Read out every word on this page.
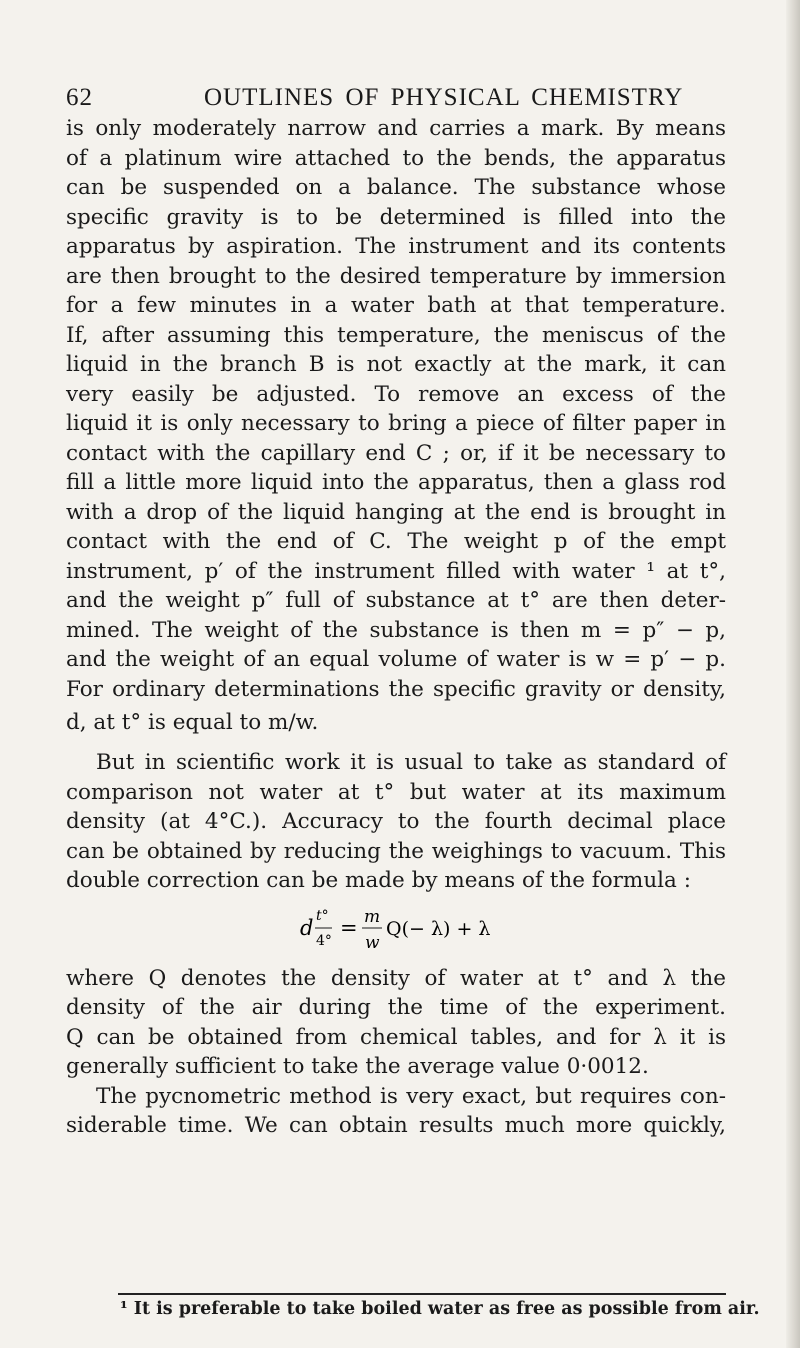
62	OUTLINES OF PHYSICAL CHEMISTRY
is only moderately narrow and carries a mark. By means
of a platinum wire attached to the bends, the apparatus
can be suspended on a balance. The substance whose
specific gravity is to be determined is filled into the
apparatus by aspiration. The instrument and its contents
are then brought to the desired temperature by immersion
for a few minutes in a water bath at that temperature.
If, after assuming this temperature, the meniscus of the
liquid in the branch B is not exactly at the mark, it can
very easily be adjusted. To remove an excess of the
liquid it is only necessary to bring a piece of filter paper in
contact with the capillary end C ; or, if it be necessary to
fill a little more liquid into the apparatus, then a glass rod
with a drop of the liquid hanging at the end is brought in
contact with the end of C. The weight p of the empt
instrument, p′ of the instrument filled with water ¹ at t°,
and the weight p″ full of substance at t° are then deter-
mined. The weight of the substance is then m = p″ − p,
and the weight of an equal volume of water is w = p′ − p.
For ordinary determinations the specific gravity or density,
d, at t° is equal to m/w.
But in scientific work it is usual to take as standard of
comparison not water at t° but water at its maximum
density (at 4°C.). Accuracy to the fourth decimal place
can be obtained by reducing the weighings to vacuum. This
double correction can be made by means of the formula :
d t°
4°
= m
w
Q(− λ) + λ
where Q denotes the density of water at t° and λ the
density of the air during the time of the experiment.
Q can be obtained from chemical tables, and for λ it is
generally sufficient to take the average value 0·0012.
The pycnometric method is very exact, but requires con-
siderable time. We can obtain results much more quickly,
¹ It is preferable to take boiled water as free as possible from air.
